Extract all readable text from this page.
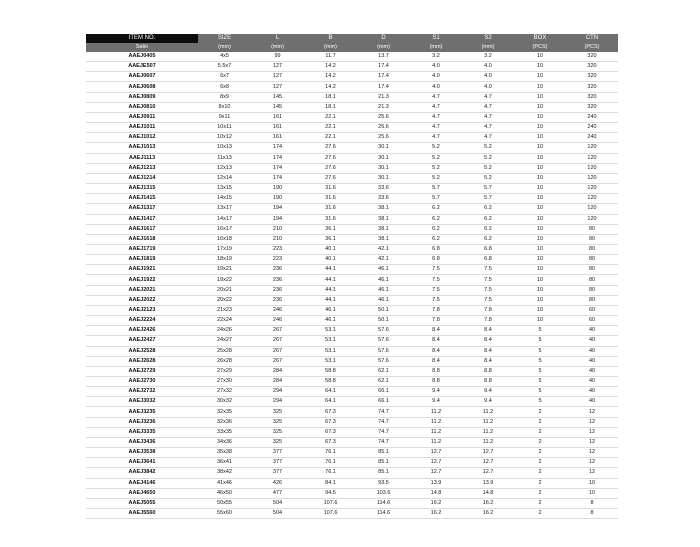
ITEM NO.	SIZE	L	B	D	S1	S2	BOX	CTN
Satin	(mm)	(mm)	(mm)	(mm)	(mm)	(mm)	(PCS)	(PCS)
AAEJ0405	4x5	99	11.7	13.7	3.2	3.2	10	320
AAEJE507	5.5x7	127	14.2	17.4	4.0	4.0	10	320
AAEJ0607	6x7	127	14.2	17.4	4.0	4.0	10	320
AAEJ0608	6x8	127	14.2	17.4	4.0	4.0	10	320
AAEJ0809	8x9	145	18.1	21.3	4.7	4.7	10	320
AAEJ0810	8x10	145	18.1	21.3	4.7	4.7	10	320
AAEJ0911	9x11	161	22.1	25.6	4.7	4.7	10	240
AAEJ1011	10x11	161	22.1	25.6	4.7	4.7	10	240
AAEJ1012	10x12	161	22.1	25.6	4.7	4.7	10	240
AAEJ1013	10x13	174	27.6	30.1	5.2	5.2	10	120
AAEJ1113	11x13	174	27.6	30.1	5.2	5.2	10	120
AAEJ1213	12x13	174	27.6	30.1	5.2	5.2	10	120
AAEJ1214	12x14	174	27.6	30.1	5.2	5.2	10	120
AAEJ1315	13x15	190	31.6	33.6	5.7	5.7	10	120
AAEJ1415	14x15	190	31.6	33.6	5.7	5.7	10	120
AAEJ1317	13x17	194	31.6	38.1	6.2	6.2	10	120
AAEJ1417	14x17	194	31.6	38.1	6.2	6.2	10	120
AAEJ1617	16x17	210	36.1	38.1	6.2	6.2	10	80
AAEJ1618	16x18	210	36.1	38.1	6.2	6.2	10	80
AAEJ1719	17x19	223	40.1	42.1	6.8	6.8	10	80
AAEJ1819	18x19	223	40.1	42.1	6.8	6.8	10	80
AAEJ1921	19x21	236	44.1	46.1	7.5	7.5	10	80
AAEJ1922	19x22	236	44.1	46.1	7.5	7.5	10	80
AAEJ2021	20x21	236	44.1	46.1	7.5	7.5	10	80
AAEJ2022	20x22	236	44.1	46.1	7.5	7.5	10	80
AAEJ2123	21x23	246	46.1	50.1	7.8	7.8	10	60
AAEJ2224	22x24	246	46.1	50.1	7.8	7.8	10	60
AAEJ2426	24x26	267	53.1	57.6	8.4	8.4	5	40
AAEJ2427	24x27	267	53.1	57.6	8.4	8.4	5	40
AAEJ2528	25x28	267	53.1	57.6	8.4	8.4	5	40
AAEJ2628	26x28	267	53.1	57.6	8.4	8.4	5	40
AAEJ2729	27x29	284	58.8	62.1	8.8	8.8	5	40
AAEJ2730	27x30	284	58.8	62.1	8.8	8.8	5	40
AAEJ2732	27x32	294	64.1	66.1	9.4	9.4	5	40
AAEJ3032	30x32	294	64.1	66.1	9.4	9.4	5	40
AAEJ3235	32x35	325	67.3	74.7	11.2	11.2	2	12
AAEJ3236	32x36	325	67.3	74.7	11.2	11.2	2	12
AAEJ3335	33x35	325	67.3	74.7	11.2	11.2	2	12
AAEJ3436	34x36	325	67.3	74.7	11.2	11.2	2	12
AAEJ3538	35x38	377	76.1	85.1	12.7	12.7	2	12
AAEJ3641	36x41	377	76.1	85.1	12.7	12.7	2	12
AAEJ3842	38x42	377	76.1	85.1	12.7	12.7	2	12
AAEJ4146	41x46	426	84.1	93.5	13.9	13.9	2	10
AAEJ4650	46x50	477	94.5	103.6	14.8	14.8	2	10
AAEJ5055	50x55	504	107.6	114.6	16.2	16.2	2	8
AAEJ5560	55x60	504	107.6	114.6	16.2	16.2	2	8
